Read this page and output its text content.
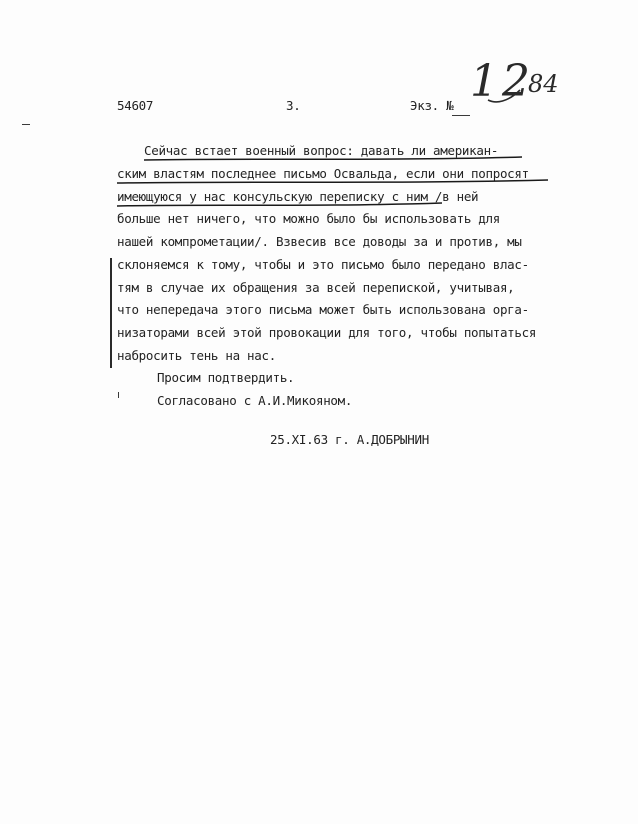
54607	3.	Экз. № 12
84
Сейчас встает военный вопрос: давать ли американ-
ским властям последнее письмо Освальда, если они попросят
имеющуюся у нас консульскую переписку с ним /в ней
больше нет ничего, что можно было бы использовать для
нашей компрометации/. Взвесив все доводы за и против, мы
склоняемся к тому, чтобы и это письмо было передано влас-
тям в случае их обращения за всей перепиской, учитывая,
что непередача этого письма может быть использована орга-
низаторами всей этой провокации для того, чтобы попытаться
набросить тень на нас.
Просим подтвердить.
Согласовано с А.И.Микояном.
25.XI.63 г. А.ДОБРЫНИН
